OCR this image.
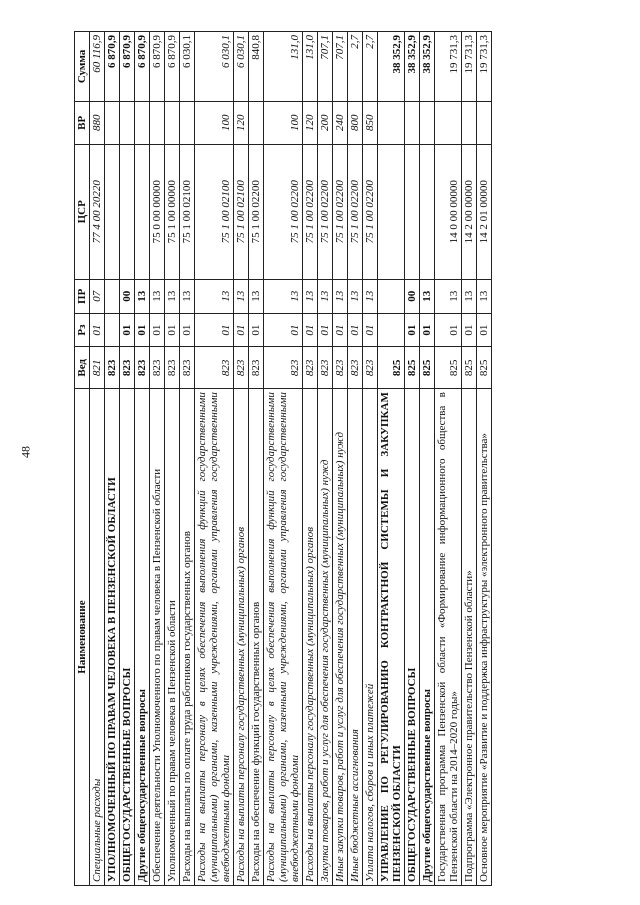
48
Наименование	Вед	Рз	ПР	ЦСР	ВР	Сумма
Специальные расходы	821	01	07	77 4 00 20220	880	60 116,9
УПОЛНОМОЧЕННЫЙ ПО ПРАВАМ ЧЕЛОВЕКА В ПЕНЗЕНСКОЙ ОБЛАСТИ	823					6 870,9
ОБЩЕГОСУДАРСТВЕННЫЕ ВОПРОСЫ	823	01	00			6 870,9
Другие общегосударственные вопросы	823	01	13			6 870,9
Обеспечение деятельности Уполномоченного по правам человека в Пензенской области	823	01	13	75 0 00 00000		6 870,9
Уполномоченный по правам человека в Пензенской области	823	01	13	75 1 00 00000		6 870,9
Расходы на выплаты по оплате труда работников государственных органов	823	01	13	75 1 00 02100		6 030,1
Расходы на выплаты персоналу в целях обеспечения выполнения функций государственными (муниципальными) органами, казенными учреждениями, органами управления государственными внебюджетными фондами	823	01	13	75 1 00 02100	100	6 030,1
Расходы на выплаты персоналу государственных (муниципальных) органов	823	01	13	75 1 00 02100	120	6 030,1
Расходы на обеспечение функций государственных органов	823	01	13	75 1 00 02200		840,8
Расходы на выплаты персоналу в целях обеспечения выполнения функций государственными (муниципальными) органами, казенными учреждениями, органами управления государственными внебюджетными фондами	823	01	13	75 1 00 02200	100	131,0
Расходы на выплаты персоналу государственных (муниципальных) органов	823	01	13	75 1 00 02200	120	131,0
Закупка товаров, работ и услуг для обеспечения государственных (муниципальных) нужд	823	01	13	75 1 00 02200	200	707,1
Иные закупки товаров, работ и услуг для обеспечения государственных (муниципальных) нужд	823	01	13	75 1 00 02200	240	707,1
Иные бюджетные ассигнования	823	01	13	75 1 00 02200	800	2,7
Уплата налогов, сборов и иных платежей	823	01	13	75 1 00 02200	850	2,7
УПРАВЛЕНИЕ ПО РЕГУЛИРОВАНИЮ КОНТРАКТНОЙ СИСТЕМЫ И ЗАКУПКАМ ПЕНЗЕНСКОЙ ОБЛАСТИ	825					38 352,9
ОБЩЕГОСУДАРСТВЕННЫЕ ВОПРОСЫ	825	01	00			38 352,9
Другие общегосударственные вопросы	825	01	13			38 352,9
Государственная программа Пензенской области «Формирование информационного общества в Пензенской области на 2014–2020 годы»	825	01	13	14 0 00 00000		19 731,3
Подпрограмма «Электронное правительство Пензенской области»	825	01	13	14 2 00 00000		19 731,3
Основное мероприятие «Развитие и поддержка инфраструктуры «электронного правительства»	825	01	13	14 2 01 00000		19 731,3
